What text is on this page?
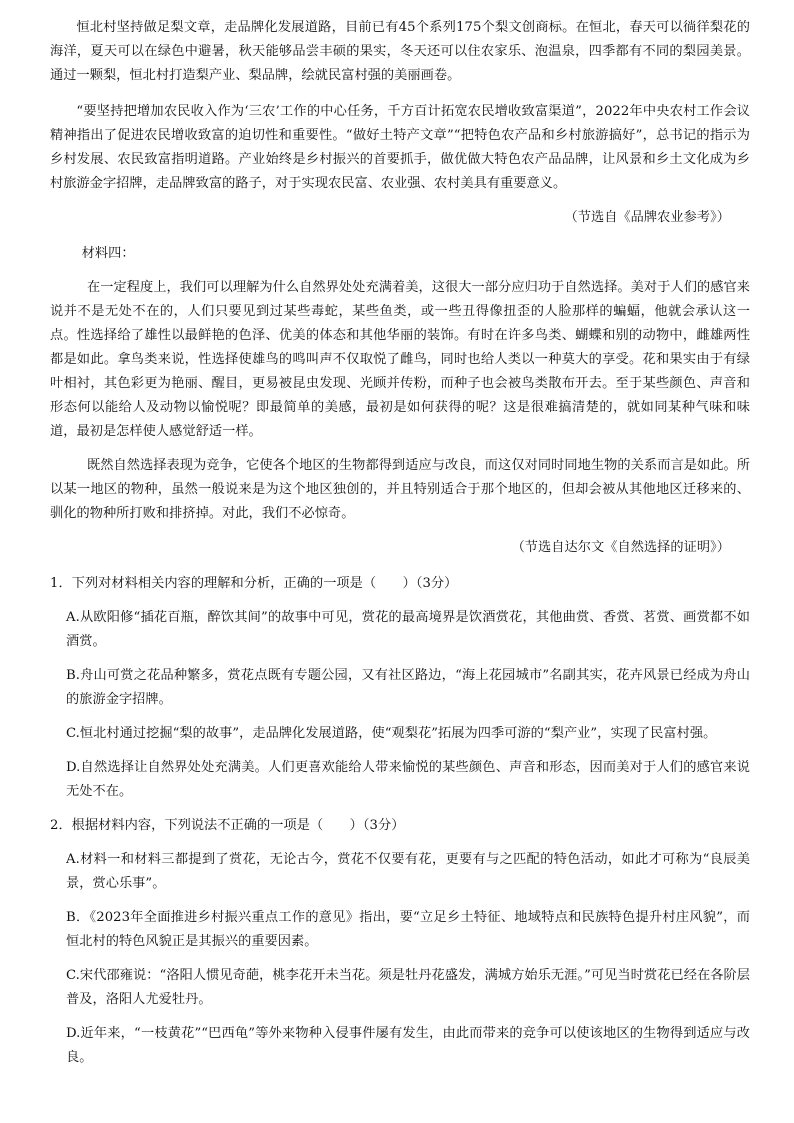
恒北村坚持做足梨文章，走品牌化发展道路，目前已有45个系列175个梨文创商标。在恒北，春天可以徜徉梨花的海洋，夏天可以在绿色中避暑，秋天能够品尝丰硕的果实，冬天还可以住农家乐、泡温泉，四季都有不同的梨园美景。通过一颗梨，恒北村打造梨产业、梨品牌，绘就民富村强的美丽画卷。

“要坚持把增加农民收入作为‘三农’工作的中心任务，千方百计拓宽农民增收致富渠道”，2022年中央农村工作会议精神指出了促进农民增收致富的迫切性和重要性。“做好土特产文章”“把特色农产品和乡村旅游搞好”，总书记的指示为乡村发展、农民致富指明道路。产业始终是乡村振兴的首要抓手，做优做大特色农产品品牌，让风景和乡土文化成为乡村旅游金字招牌，走品牌致富的路子，对于实现农民富、农业强、农村美具有重要意义。

（节选自《品牌农业参考》）

材料四：

在一定程度上，我们可以理解为什么自然界处处充满着美，这很大一部分应归功于自然选择。美对于人们的感官来说并不是无处不在的，人们只要见到过某些毒蛇，某些鱼类，或一些丑得像扭歪的人脸那样的蝙蝠，他就会承认这一点。性选择给了雄性以最鲜艳的色泽、优美的体态和其他华丽的装饰。有时在许多鸟类、蝴蝶和别的动物中，雌雄两性都是如此。拿鸟类来说，性选择使雄鸟的鸣叫声不仅取悦了雌鸟，同时也给人类以一种莫大的享受。花和果实由于有绿叶相衬，其色彩更为艳丽、醒目，更易被昆虫发现、光顾并传粉，而种子也会被鸟类散布开去。至于某些颜色、声音和形态何以能给人及动物以愉悦呢？即最简单的美感，最初是如何获得的呢？这是很难搞清楚的，就如同某种气味和味道，最初是怎样使人感觉舒适一样。

既然自然选择表现为竞争，它使各个地区的生物都得到适应与改良，而这仅对同时同地生物的关系而言是如此。所以某一地区的物种，虽然一般说来是为这个地区独创的，并且特别适合于那个地区的，但却会被从其他地区迁移来的、驯化的物种所打败和排挤掉。对此，我们不必惊奇。

（节选自达尔文《自然选择的证明》）

1．下列对材料相关内容的理解和分析，正确的一项是（　　）（3分）

A.从欧阳修“插花百瓶，醉饮其间”的故事中可见，赏花的最高境界是饮酒赏花，其他曲赏、香赏、茗赏、画赏都不如酒赏。

B.舟山可赏之花品种繁多，赏花点既有专题公园，又有社区路边，“海上花园城市”名副其实，花卉风景已经成为舟山的旅游金字招牌。

C.恒北村通过挖掘“梨的故事”，走品牌化发展道路，使“观梨花”拓展为四季可游的“梨产业”，实现了民富村强。

D.自然选择让自然界处处充满美。人们更喜欢能给人带来愉悦的某些颜色、声音和形态，因而美对于人们的感官来说无处不在。

2．根据材料内容，下列说法不正确的一项是（　　）（3分）

A.材料一和材料三都提到了赏花，无论古今，赏花不仅要有花，更要有与之匹配的特色活动，如此才可称为“良辰美景，赏心乐事”。

B．《2023年全面推进乡村振兴重点工作的意见》指出，要“立足乡土特征、地域特点和民族特色提升村庄风貌”，而恒北村的特色风貌正是其振兴的重要因素。

C.宋代邵雍说：“洛阳人惯见奇葩，桃李花开未当花。须是牡丹花盛发，满城方始乐无涯。”可见当时赏花已经在各阶层普及，洛阳人尤爱牡丹。

D.近年来，“一枝黄花”“巴西龟”等外来物种入侵事件屡有发生，由此而带来的竞争可以使该地区的生物得到适应与改良。
